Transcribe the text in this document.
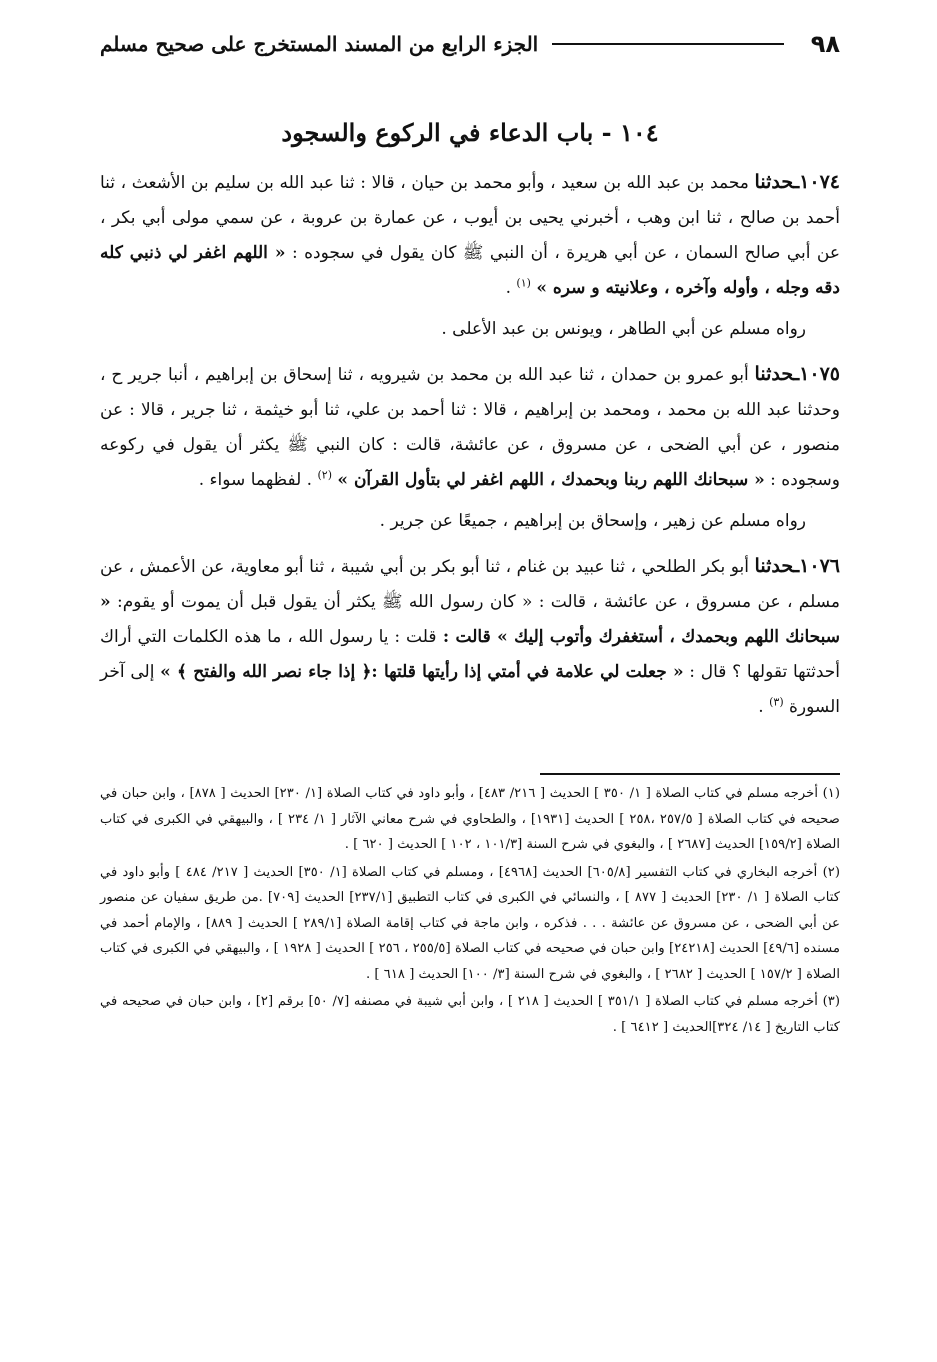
٩٨
الجزء الرابع من المسند المستخرج على صحيح مسلم
١٠٤ - باب الدعاء في الركوع والسجود

١٠٧٤ـحدثنا محمد بن عبد الله بن سعيد ، وأبو محمد بن حيان ، قالا : ثنا عبد الله بن سليم بن الأشعث ، ثنا أحمد بن صالح ، ثنا ابن وهب ، أخبرني يحيى بن أيوب ، عن عمارة بن عروبة ، عن سمي مولى أبي بكر ، عن أبي صالح السمان ، عن أبي هريرة ، أن النبي ﷺ كان يقول في سجوده : « اللهم اغفر لي ذنبي كله دقه وجله ، وأوله وآخره ، وعلانيته و سره » $^{(١)}$ .

رواه مسلم عن أبي الطاهر ، ويونس بن عبد الأعلى .

١٠٧٥ـحدثنا أبو عمرو بن حمدان ، ثنا عبد الله بن محمد بن شيرويه ، ثنا إسحاق بن إبراهيم ، أنبا جرير ح ، وحدثنا عبد الله بن محمد ، ومحمد بن إبراهيم ، قالا : ثنا أحمد بن علي، ثنا أبو خيثمة ، ثنا جرير ، قالا : عن منصور ، عن أبي الضحى ، عن مسروق ، عن عائشة، قالت : كان النبي ﷺ يكثر أن يقول في ركوعه وسجوده : « سبحانك اللهم ربنا وبحمدك ، اللهم اغفر لي بتأول القرآن » $^{(٢)}$ . لفظهما سواء .

رواه مسلم عن زهير ، وإسحاق بن إبراهيم ، جميعًا عن جرير .

١٠٧٦ـحدثنا أبو بكر الطلحي ، ثنا عبيد بن غنام ، ثنا أبو بكر بن أبي شيبة ، ثنا أبو معاوية، عن الأعمش ، عن مسلم ، عن مسروق ، عن عائشة ، قالت : « كان رسول الله ﷺ يكثر أن يقول قبل أن يموت أو يقوم: « سبحانك اللهم وبحمدك ، أستغفرك وأتوب إليك » قالت : قلت : يا رسول الله ، ما هذه الكلمات التي أراك أحدثتها تقولها ؟ قال : « جعلت لي علامة في أمتي إذا رأيتها قلتها :﴿ إذا جاء نصر الله والفتح ﴾ » إلى آخر السورة $^{(٣)}$ .

(١) أخرجه مسلم في كتاب الصلاة [ ١/ ٣٥٠ ] الحديث [ ٢١٦/ ٤٨٣] ، وأبو داود في كتاب الصلاة [١/ ٢٣٠] الحديث [ ٨٧٨] ، وابن حبان في صحيحه في كتاب الصلاة [ ٢٥٧/٥ ،٢٥٨ ] الحديث [١٩٣١] ، والطحاوي في شرح معاني الآثار [ ١/ ٢٣٤ ] ، والبيهقي في الكبرى في كتاب الصلاة [١٥٩/٢] الحديث [٢٦٨٧ ] ، والبغوي في شرح السنة [١٠١/٣ ، ١٠٢ ] الحديث [ ٦٢٠ ] .

(٢) أخرجه البخاري في كتاب التفسير [٦٠٥/٨] الحديث [٤٩٦٨] ، ومسلم في كتاب الصلاة [١/ ٣٥٠] الحديث [ ٢١٧/ ٤٨٤ ] وأبو داود في كتاب الصلاة [ ١/ ٢٣٠] الحديث [ ٨٧٧ ] ، والنسائي في الكبرى في كتاب التطبيق [٢٣٧/١] الحديث [٧٠٩] .من طريق سفيان عن منصور عن أبي الضحى ، عن مسروق عن عائشة . . . فذكره ، وابن ماجة في كتاب إقامة الصلاة [٢٨٩/١ ] الحديث [ ٨٨٩] ، والإمام أحمد في مسنده [٤٩/٦] الحديث [٢٤٢١٨] وابن حبان في صحيحه في كتاب الصلاة [٢٥٥/٥ ، ٢٥٦ ] الحديث [ ١٩٢٨ ] ، والبيهقي في الكبرى في كتاب الصلاة [ ١٥٧/٢ ] الحديث [ ٢٦٨٢ ] ، والبغوي في شرح السنة [٣/ ١٠٠] الحديث [ ٦١٨ ] .

(٣) أخرجه مسلم في كتاب الصلاة [ ٣٥١/١ ] الحديث [ ٢١٨ ] ، وابن أبي شيبة في مصنفه [٧/ ٥٠] برقم [٢] ، وابن حبان في صحيحه في كتاب التاريخ [ ١٤/ ٣٢٤]الحديث [ ٦٤١٢ ] .
